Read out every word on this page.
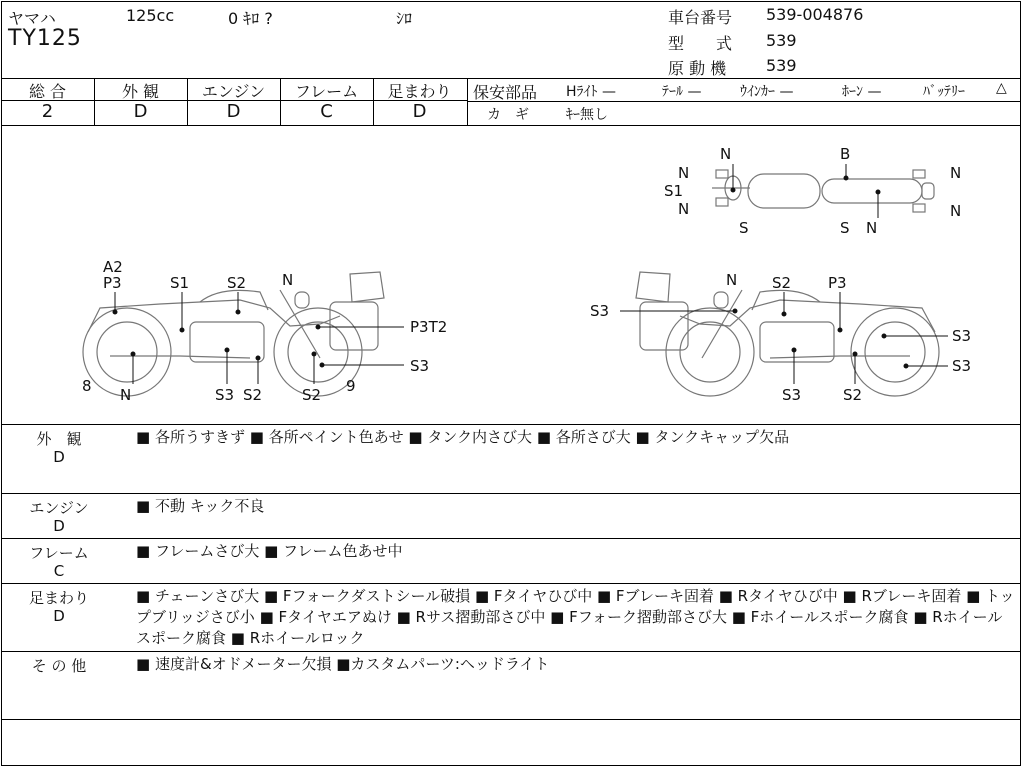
ヤマハ	125cc	0 ｷﾛ ?	ｼﾛ
TY125
車台番号 539-004876
型　　式 539
原 動 機 539
総 合	外 観	エンジン	フレーム	足まわり
2	D	D	C	D
保安部品 Hﾗｲﾄ —	ﾃｰﾙ —	ｳｲﾝｶｰ —	ﾎｰﾝ —	ﾊﾞｯﾃﾘｰ △
カ　ギ	ｷｰ無し
N	B
N
S1
N
N
N
S	S N
A2
P3	S1	S2 N
P3T2
S3
8 N	S3 S2	S2 9
N S2 P3
S3
S3
S3
S3	S2
外　観
D
■ 各所うすきず ■ 各所ペイント色あせ ■ タンク内さび大 ■ 各所さび大 ■ タンクキャップ欠品
エンジン
D
■ 不動 キック不良
フレーム
C
■ フレームさび大 ■ フレーム色あせ中
足まわり
D
■ チェーンさび大 ■ Fフォークダストシール破損 ■ Fタイヤひび中 ■ Fブレーキ固着 ■ Rタイヤひび中 ■ Rブレーキ固着 ■ トップブリッジさび小 ■ Fタイヤエアぬけ ■ Rサス摺動部さび中 ■ Fフォーク摺動部さび大 ■ Fホイールスポーク腐食 ■ Rホイールスポーク腐食 ■ Rホイールロック
そ の 他	■ 速度計&オドメーター欠損 ■カスタムパーツ:ヘッドライト
